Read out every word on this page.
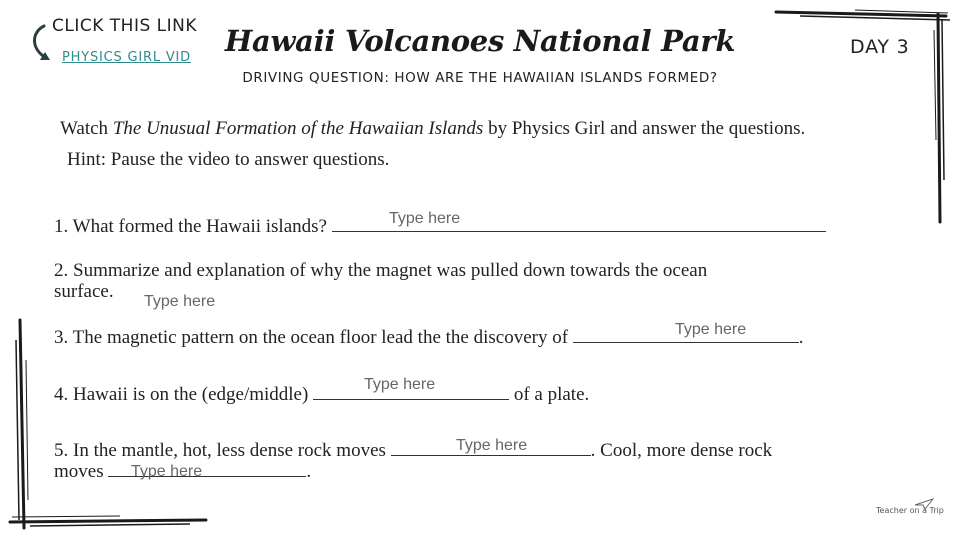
CLICK THIS LINK
PHYSICS GIRL VID	Hawaii Volcanoes National Park	DAY 3
DRIVING QUESTION: HOW ARE THE HAWAIIAN ISLANDS FORMED?
Watch The Unusual Formation of the Hawaiian Islands by Physics Girl and answer the questions.
Hint: Pause the video to answer questions.
1. What formed the Hawaii islands?
Type here
2. Summarize and explanation of why the magnet was pulled down towards the ocean
surface.
Type here
3. The magnetic pattern on the ocean floor lead the the discovery of	.
Type here
4. Hawaii is on the (edge/middle)	of a plate.
Type here
5. In the mantle, hot, less dense rock moves	. Cool, more dense rock
moves	.
Type here
Type here
Teacher on a Trip
